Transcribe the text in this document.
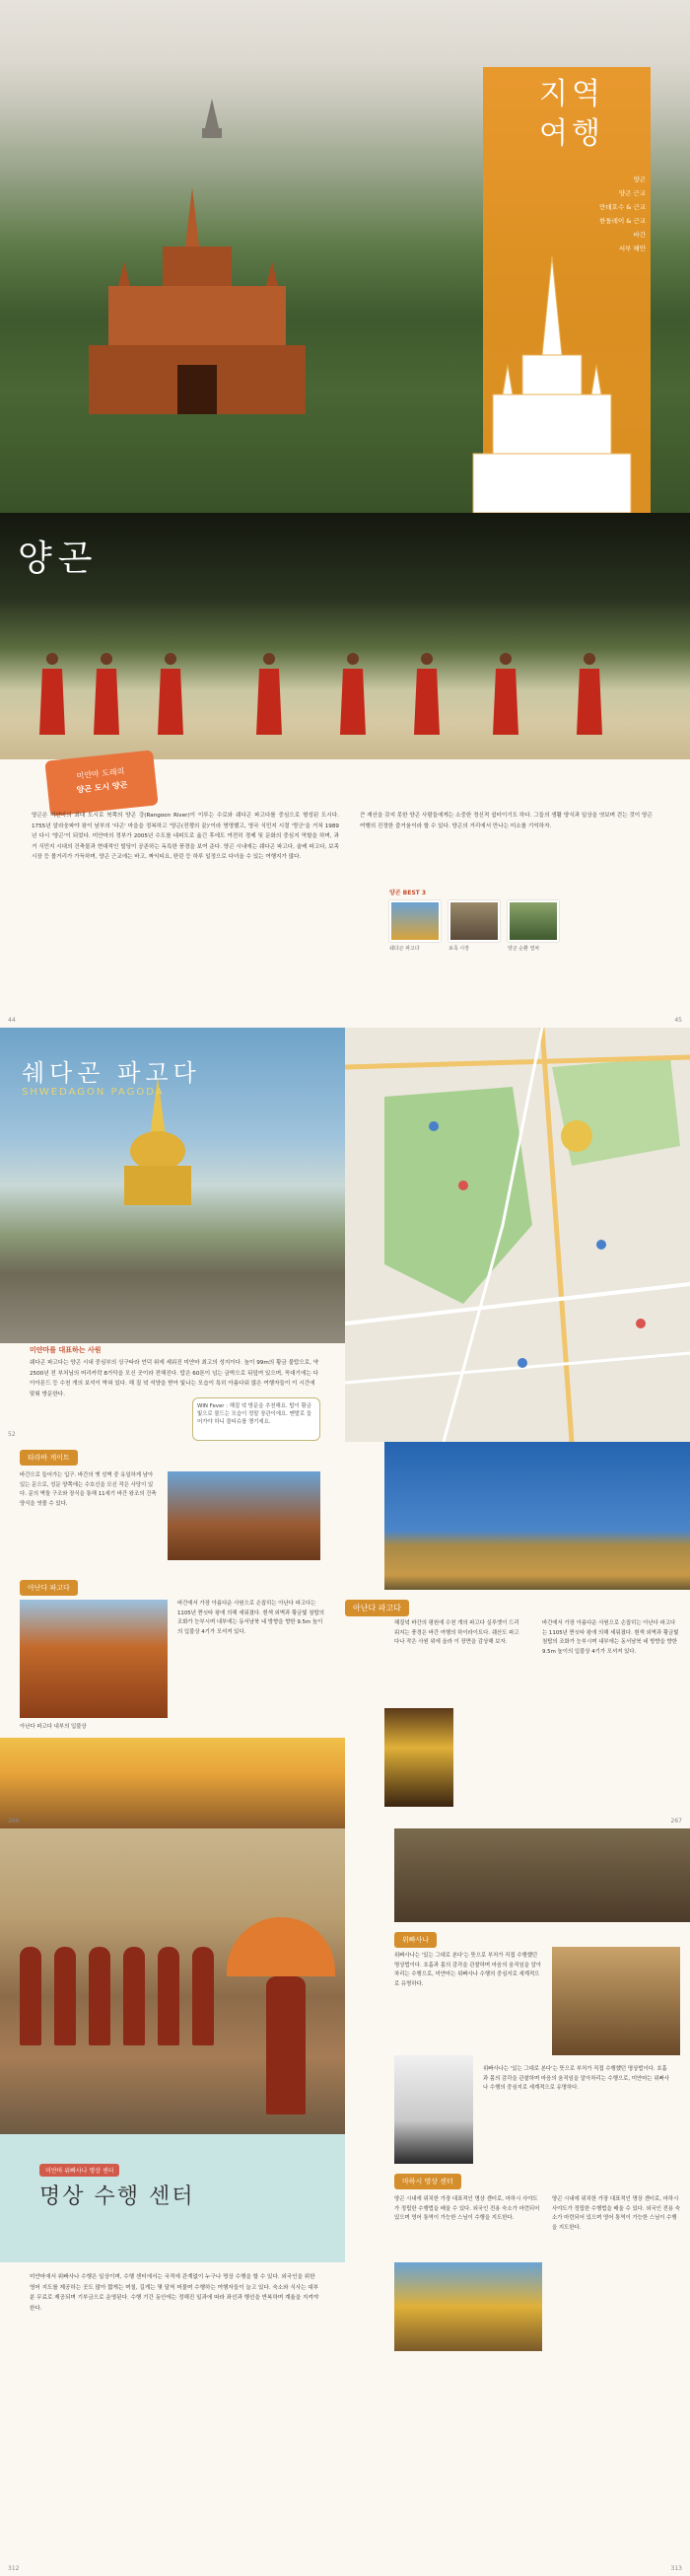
지역
여행
양곤
양곤 근교
만데호수 & 근교
한돌레이 & 근교
바간
서부 해안
양곤
미얀마 도래의
양곤 도시 양곤
양곤은 미얀마의 최대 도시로 북쪽의 양곤 강(Rangoon River)이 이루는 수로와 쉐다곤 파고다를 중심으로 형성된 도시다. 1755년 알라웅파야 왕이 남부의 '다곤' 마을을 정복하고 '양곤(전쟁의 끝)'이라 명명했고, 영국 식민지 시절 '랑군'을 거쳐 1989년 다시 '양곤'이 되었다. 미얀마의 정부가 2005년 수도를 네피도로 옮긴 후에도 여전히 경제 및 문화의 중심지 역할을 하며, 과거 식민지 시대의 건축물과 현대적인 빌딩이 공존하는 독특한 풍경을 보여 준다. 양곤 시내에는 쉐다곤 파고다, 술레 파고다, 보족 시장 등 볼거리가 가득하며, 양곤 근교에는 바고, 짜익티요, 딴린 등 하루 일정으로 다녀올 수 있는 여행지가 많다.
큰 재산을 갖지 못한 양곤 사람들에게는 소중한 정신적 쉼터이기도 하다. 그들의 생활 양식과 일상을 엿보며 걷는 것이 양곤 여행의 진정한 즐거움이라 할 수 있다. 양곤의 거리에서 만나는 미소를 기억하자.
양곤 BEST 3
쉐다곤 파고다	보족 시장	양곤 순환 열차
44	45
쉐다곤 파고다
SHWEDAGON PAGODA
미얀마를 대표하는 사원
쉐다곤 파고다는 양곤 시내 중심부의 싱구타라 언덕 위에 세워진 미얀마 최고의 성지이다. 높이 99m의 황금 불탑으로, 약 2500년 전 부처님의 머리카락 8가닥을 모신 곳이라 전해진다. 탑은 60톤이 넘는 금박으로 뒤덮여 있으며, 꼭대기에는 다이아몬드 등 수천 개의 보석이 박혀 있다. 해 질 녘 석양을 받아 빛나는 모습이 특히 아름다워 많은 여행자들이 이 시간에 맞춰 방문한다.
WIN Fever : 해질 녘 방문을 추천해요. 탑이 황금빛으로 물드는 모습이 정말 장관이에요. 맨발로 들어가야 하니 물티슈를 챙기세요.
52
타라바 게이트
바간으로 들어가는 입구. 바간의 옛 성벽 중 유일하게 남아 있는 문으로, 성문 양쪽에는 수호신을 모신 작은 사당이 있다. 문의 벽돌 구조와 장식을 통해 11세기 바간 왕조의 건축 양식을 엿볼 수 있다.
아난다 파고다
바간에서 가장 아름다운 사원으로 손꼽히는 아난다 파고다는 1105년 짠싯타 왕에 의해 세워졌다. 흰색 외벽과 황금빛 첨탑의 조화가 눈부시며 내부에는 동서남북 네 방향을 향한 9.5m 높이의 입불상 4기가 모셔져 있다.
아난다 파고다 내부의 입불상
아난다 파고다
해질녘 바간의 평원에 수천 개의 파고다 실루엣이 드리워지는 풍경은 바간 여행의 하이라이트다. 쉐산도 파고다나 작은 사원 위에 올라 이 장면을 감상해 보자.
바간에서 가장 아름다운 사원으로 손꼽히는 아난다 파고다는 1105년 짠싯타 왕에 의해 세워졌다. 흰색 외벽과 황금빛 첨탑의 조화가 눈부시며 내부에는 동서남북 네 방향을 향한 9.5m 높이의 입불상 4기가 모셔져 있다.
266	267
미얀마 위빠사나 명상 센터
명상 수행 센터
미얀마에서 위빠사나 수행은 일상이며, 수행 센터에서는 국적에 관계없이 누구나 명상 수행을 할 수 있다. 외국인을 위한 영어 지도를 제공하는 곳도 많아 짧게는 며칠, 길게는 몇 달씩 머물며 수행하는 여행자들이 늘고 있다. 숙소와 식사는 대부분 무료로 제공되며 기부금으로 운영된다. 수행 기간 동안에는 정해진 일과에 따라 좌선과 행선을 반복하며 계율을 지켜야 한다.
위빠사나
위빠사나는 '있는 그대로 본다'는 뜻으로 부처가 직접 수행했던 명상법이다. 호흡과 몸의 감각을 관찰하며 마음의 움직임을 알아차리는 수행으로, 미얀마는 위빠사나 수행의 중심지로 세계적으로 유명하다.
위빠사나는 '있는 그대로 본다'는 뜻으로 부처가 직접 수행했던 명상법이다. 호흡과 몸의 감각을 관찰하며 마음의 움직임을 알아차리는 수행으로, 미얀마는 위빠사나 수행의 중심지로 세계적으로 유명하다.
마하시 명상 센터
양곤 시내에 위치한 가장 대표적인 명상 센터로, 마하시 사야도가 정립한 수행법을 배울 수 있다. 외국인 전용 숙소가 마련되어 있으며 영어 통역이 가능한 스님이 수행을 지도한다.
양곤 시내에 위치한 가장 대표적인 명상 센터로, 마하시 사야도가 정립한 수행법을 배울 수 있다. 외국인 전용 숙소가 마련되어 있으며 영어 통역이 가능한 스님이 수행을 지도한다.
312	313
